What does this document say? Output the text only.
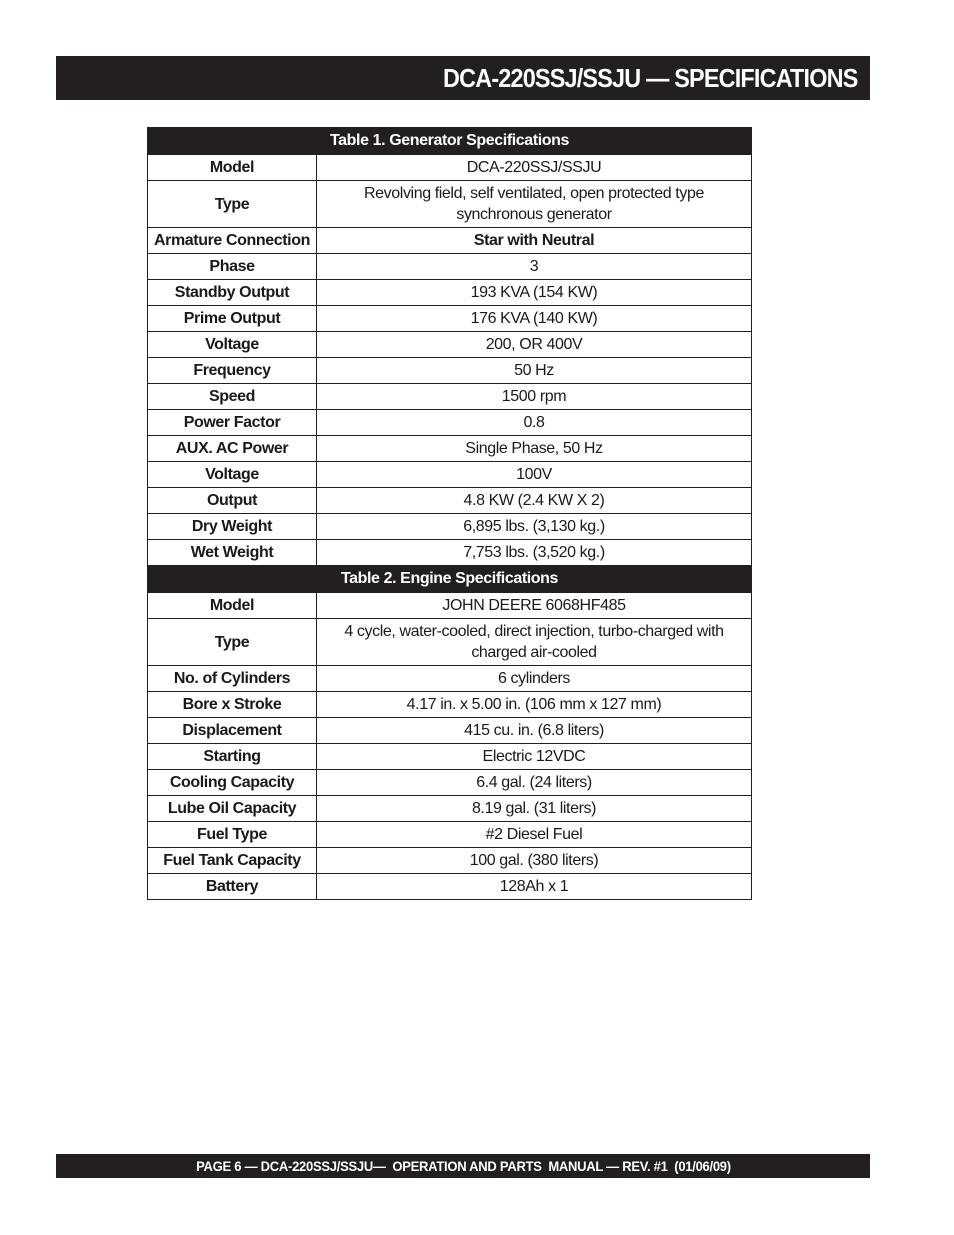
DCA-220SSJ/SSJU — SPECIFICATIONS
Table 1. Generator Specifications	
Model	DCA-220SSJ/SSJU
Type	Revolving field, self ventilated, open protected type synchronous generator
Armature Connection	Star with Neutral
Phase	3
Standby Output	193 KVA (154 KW)
Prime Output	176 KVA (140 KW)
Voltage	200, OR 400V
Frequency	50 Hz
Speed	1500 rpm
Power Factor	0.8
AUX. AC Power	Single Phase, 50 Hz
Voltage	100V
Output	4.8 KW (2.4 KW X 2)
Dry Weight	6,895 lbs. (3,130 kg.)
Wet Weight	7,753 lbs. (3,520 kg.)
Table 2. Engine Specifications	
Model	JOHN DEERE 6068HF485
Type	4 cycle, water-cooled, direct injection, turbo-charged with charged air-cooled
No. of Cylinders	6 cylinders
Bore x Stroke	4.17 in. x 5.00 in. (106 mm x 127 mm)
Displacement	415 cu. in. (6.8 liters)
Starting	Electric 12VDC
Cooling Capacity	6.4 gal. (24 liters)
Lube Oil Capacity	8.19 gal. (31 liters)
Fuel Type	#2 Diesel Fuel
Fuel Tank Capacity	100 gal. (380 liters)
Battery	128Ah x 1
PAGE 6 — DCA-220SSJ/SSJU—  OPERATION AND PARTS  MANUAL — REV. #1  (01/06/09)
